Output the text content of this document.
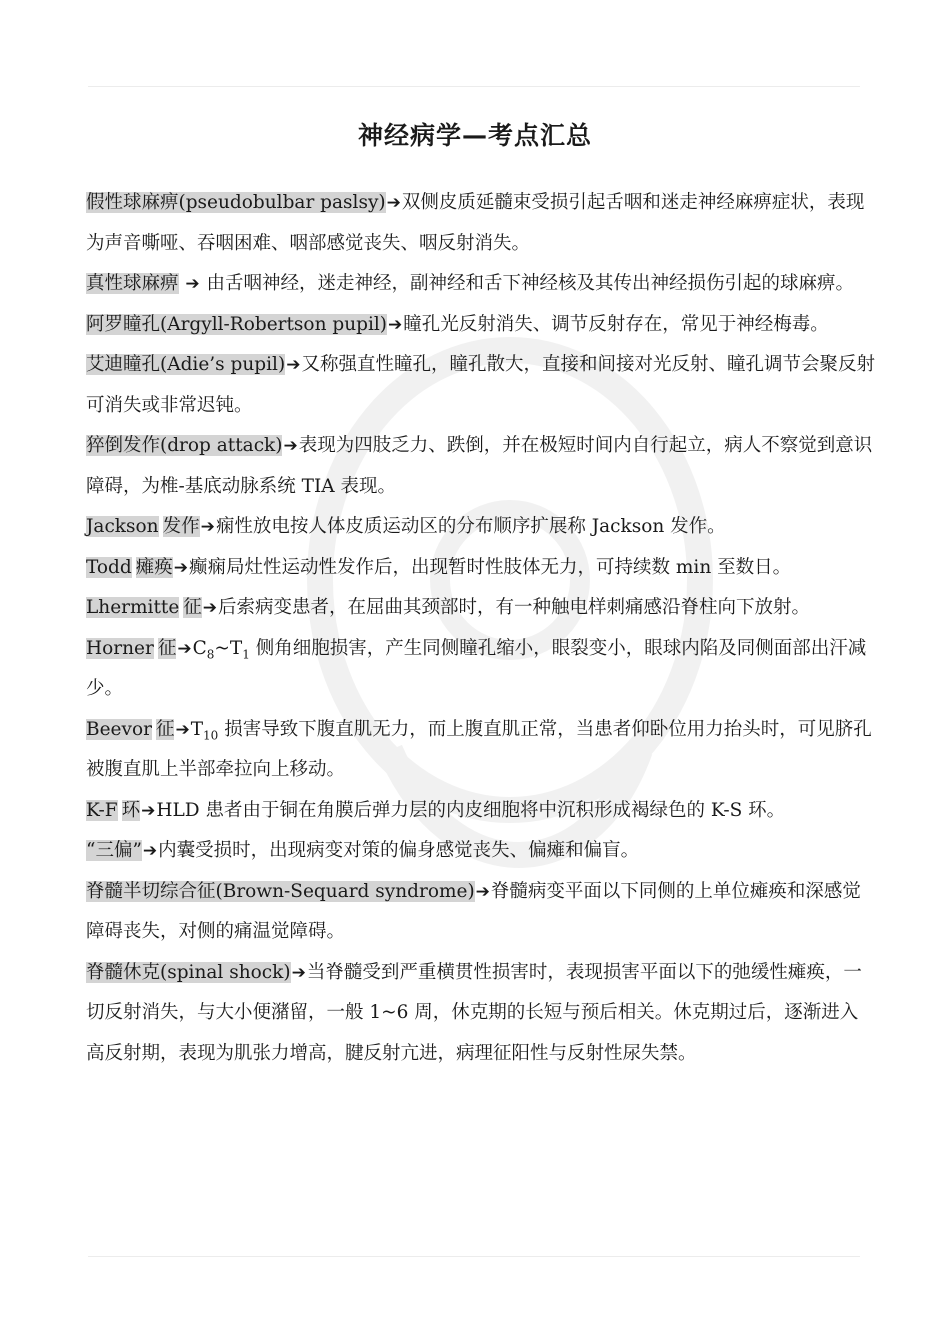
神经病学—考点汇总

假性球麻痹(pseudobulbar paslsy)➔双侧皮质延髓束受损引起舌咽和迷走神经麻痹症状，表现为声音嘶哑、吞咽困难、咽部感觉丧失、咽反射消失。

真性球麻痹 ➔ 由舌咽神经，迷走神经，副神经和舌下神经核及其传出神经损伤引起的球麻痹。

阿罗瞳孔(Argyll-Robertson pupil)➔瞳孔光反射消失、调节反射存在，常见于神经梅毒。

艾迪瞳孔(Adie’s pupil)➔又称强直性瞳孔，瞳孔散大，直接和间接对光反射、瞳孔调节会聚反射可消失或非常迟钝。

猝倒发作(drop attack)➔表现为四肢乏力、跌倒，并在极短时间内自行起立，病人不察觉到意识障碍，为椎-基底动脉系统 TIA 表现。

Jackson 发作➔痫性放电按人体皮质运动区的分布顺序扩展称 Jackson 发作。

Todd 瘫痪➔癫痫局灶性运动性发作后，出现暂时性肢体无力，可持续数 min 至数日。

Lhermitte 征➔后索病变患者，在屈曲其颈部时，有一种触电样刺痛感沿脊柱向下放射。

Horner 征$➔C_8\sim T_1$ 侧角细胞损害，产生同侧瞳孔缩小，眼裂变小，眼球内陷及同侧面部出汗减少。

Beevor 征$➔T_{10}$ 损害导致下腹直肌无力，而上腹直肌正常，当患者仰卧位用力抬头时，可见脐孔被腹直肌上半部牵拉向上移动。

K-F 环➔HLD 患者由于铜在角膜后弹力层的内皮细胞将中沉积形成褐绿色的 K-S 环。

“三偏”➔内囊受损时，出现病变对策的偏身感觉丧失、偏瘫和偏盲。

脊髓半切综合征(Brown-Sequard syndrome)➔脊髓病变平面以下同侧的上单位瘫痪和深感觉障碍丧失，对侧的痛温觉障碍。

脊髓休克(spinal shock)➔当脊髓受到严重横贯性损害时，表现损害平面以下的弛缓性瘫痪，一切反射消失，与大小便潴留，一般 1~6 周，休克期的长短与预后相关。休克期过后，逐渐进入高反射期，表现为肌张力增高，腱反射亢进，病理征阳性与反射性尿失禁。
